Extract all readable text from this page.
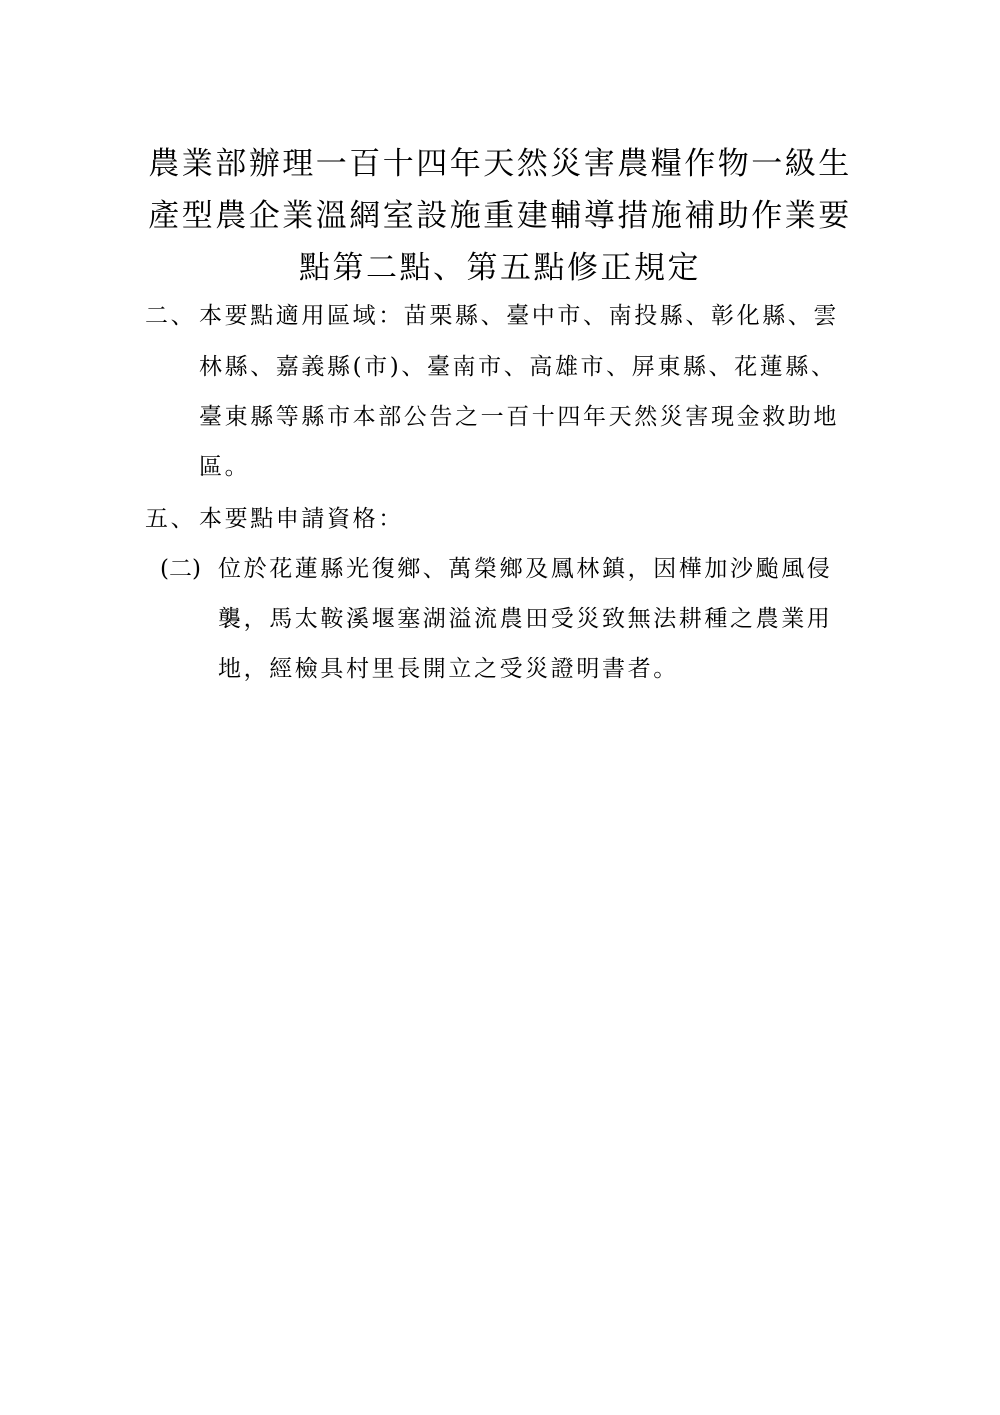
農業部辦理一百十四年天然災害農糧作物一級生
產型農企業溫網室設施重建輔導措施補助作業要
點第二點、第五點修正規定
二、 本要點適用區域：苗栗縣、臺中市、南投縣、彰化縣、雲
林縣、嘉義縣(市)、臺南市、高雄市、屏東縣、花蓮縣、
臺東縣等縣市本部公告之一百十四年天然災害現金救助地
區。
五、 本要點申請資格：
(二) 位於花蓮縣光復鄉、萬榮鄉及鳳林鎮，因樺加沙颱風侵
襲，馬太鞍溪堰塞湖溢流農田受災致無法耕種之農業用
地，經檢具村里長開立之受災證明書者。
